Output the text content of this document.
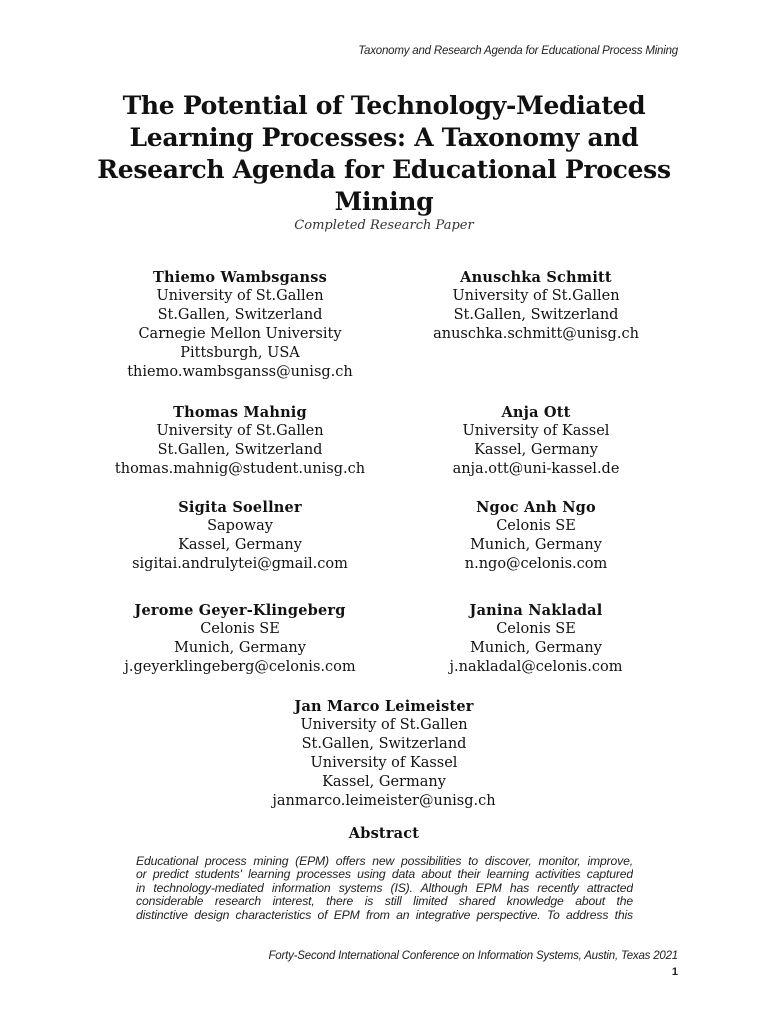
Taxonomy and Research Agenda for Educational Process Mining
The Potential of Technology-Mediated
Learning Processes: A Taxonomy and
Research Agenda for Educational Process
Mining
Completed Research Paper
Thiemo Wambsganss
University of St.Gallen
St.Gallen, Switzerland
Carnegie Mellon University
Pittsburgh, USA
thiemo.wambsganss@unisg.ch
Anuschka Schmitt
University of St.Gallen
St.Gallen, Switzerland
anuschka.schmitt@unisg.ch
Thomas Mahnig
University of St.Gallen
St.Gallen, Switzerland
thomas.mahnig@student.unisg.ch
Anja Ott
University of Kassel
Kassel, Germany
anja.ott@uni-kassel.de
Sigita Soellner
Sapoway
Kassel, Germany
sigitai.andrulytei@gmail.com
Ngoc Anh Ngo
Celonis SE
Munich, Germany
n.ngo@celonis.com
Jerome Geyer-Klingeberg
Celonis SE
Munich, Germany
j.geyerklingeberg@celonis.com
Janina Nakladal
Celonis SE
Munich, Germany
j.nakladal@celonis.com
Jan Marco Leimeister
University of St.Gallen
St.Gallen, Switzerland
University of Kassel
Kassel, Germany
janmarco.leimeister@unisg.ch
Abstract
Educational process mining (EPM) offers new possibilities to discover, monitor, improve,
or predict students' learning processes using data about their learning activities captured
in technology-mediated information systems (IS). Although EPM has recently attracted
considerable research interest, there is still limited shared knowledge about the
distinctive design characteristics of EPM from an integrative perspective. To address this
Forty-Second International Conference on Information Systems, Austin, Texas 2021
1
